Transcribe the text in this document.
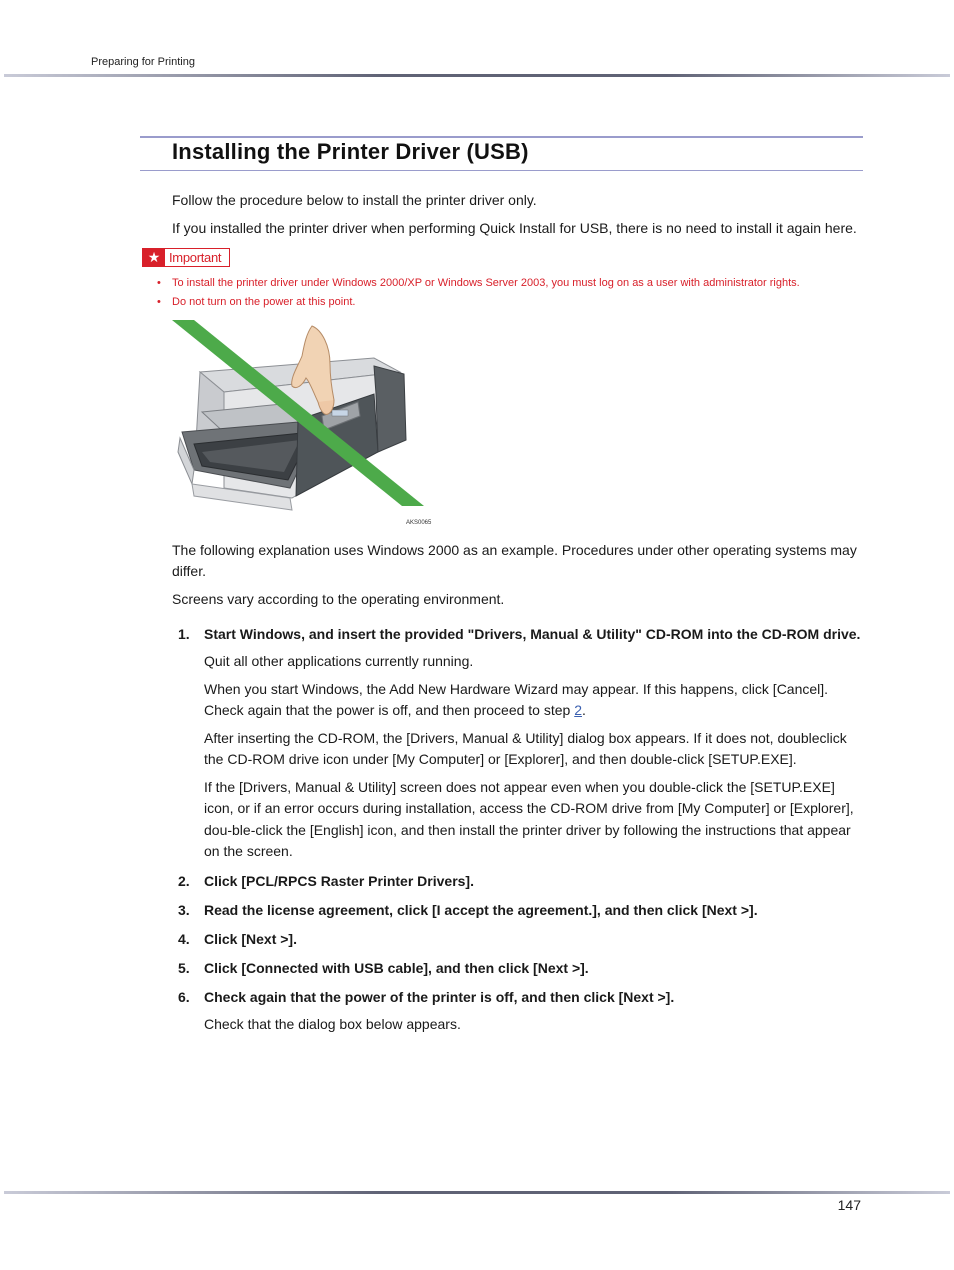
Preparing for Printing
Installing the Printer Driver (USB)

Follow the procedure below to install the printer driver only.

If you installed the printer driver when performing Quick Install for USB, there is no need to install it again here.

★ Important
• To install the printer driver under Windows 2000/XP or Windows Server 2003, you must log on as a user with administrator rights.
• Do not turn on the power at this point.
AKS0065

The following explanation uses Windows 2000 as an example. Procedures under other operating systems may differ.

Screens vary according to the operating environment.

1. Start Windows, and insert the provided "Drivers, Manual & Utility" CD-ROM into the CD-ROM drive.

Quit all other applications currently running.

When you start Windows, the Add New Hardware Wizard may appear. If this happens, click [Cancel]. Check again that the power is off, and then proceed to step 2.

After inserting the CD-ROM, the [Drivers, Manual & Utility] dialog box appears. If it does not, doubleclick the CD-ROM drive icon under [My Computer] or [Explorer], and then double-click [SETUP.EXE].

If the [Drivers, Manual & Utility] screen does not appear even when you double-click the [SETUP.EXE] icon, or if an error occurs during installation, access the CD-ROM drive from [My Computer] or [Explorer], dou-ble-click the [English] icon, and then install the printer driver by following the instructions that appear on the screen.

2. Click [PCL/RPCS Raster Printer Drivers].

3. Read the license agreement, click [I accept the agreement.], and then click [Next >].

4. Click [Next >].

5. Click [Connected with USB cable], and then click [Next >].

6. Check again that the power of the printer is off, and then click [Next >].

Check that the dialog box below appears.

147
